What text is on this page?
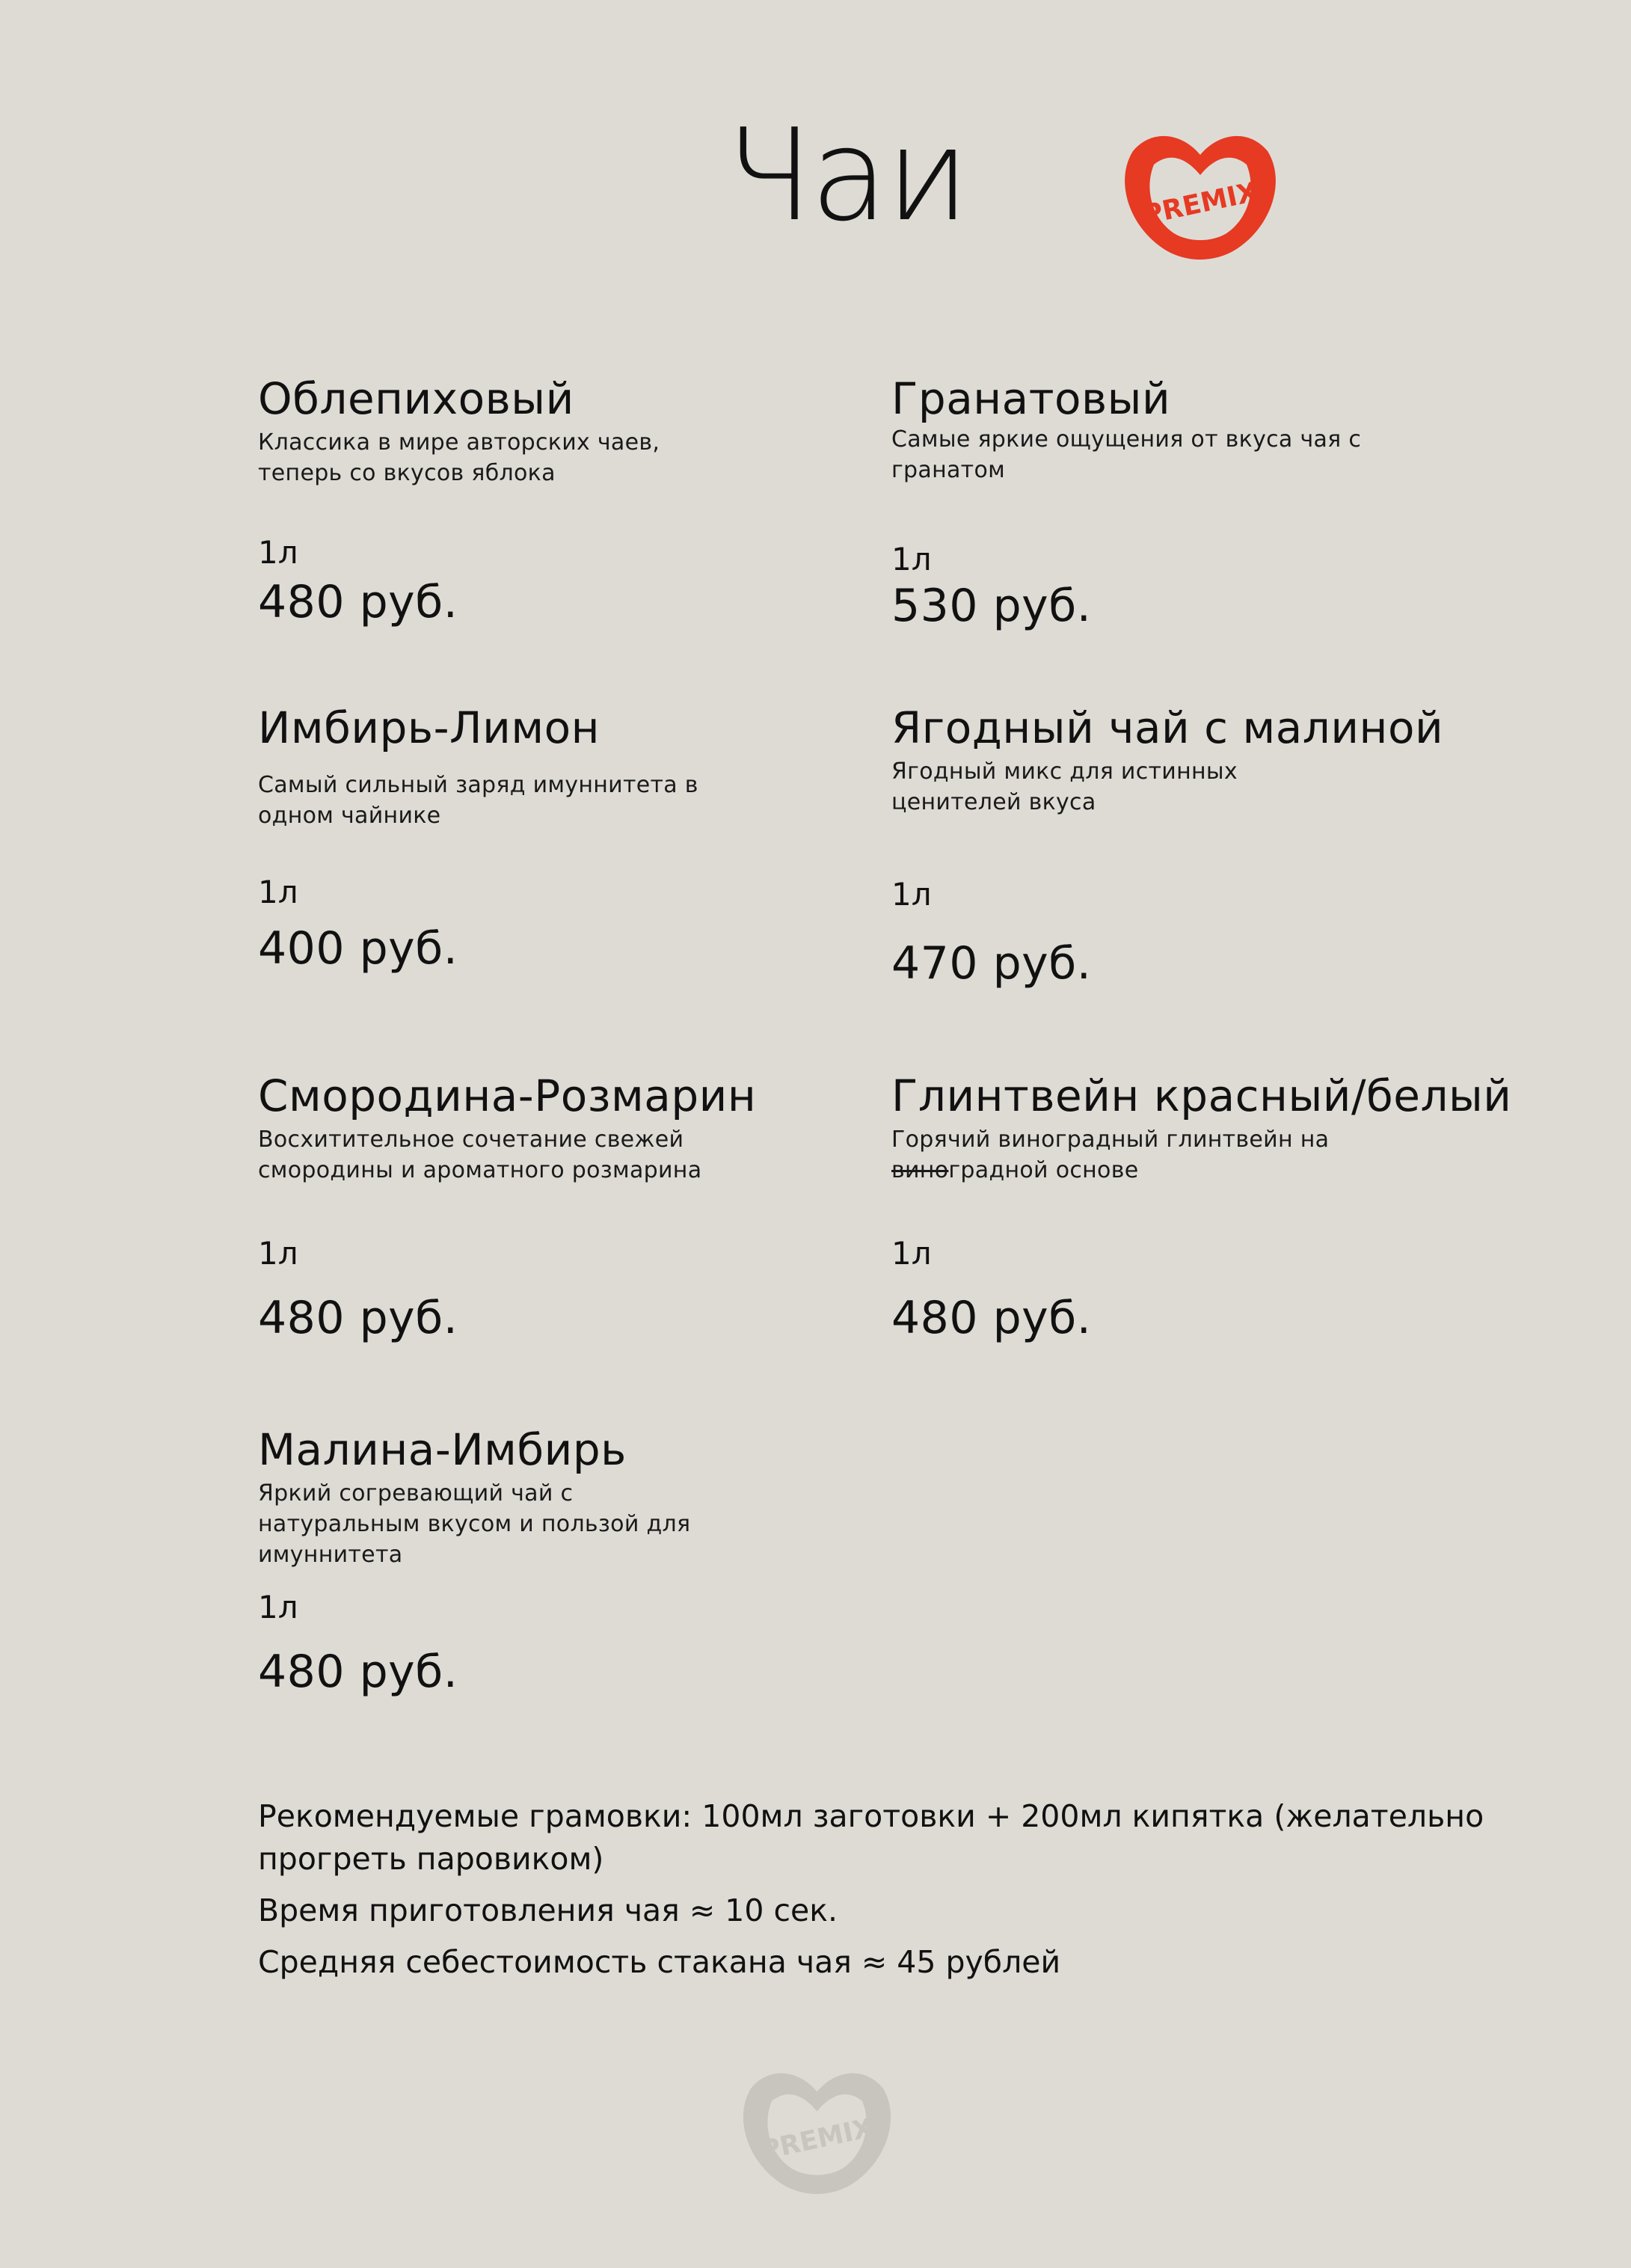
Чаи	PREMIX
Облепиховый
Классика в мире авторских чаев,
теперь со вкусов яблока
1л
480 руб.
Гранатовый
Самые яркие ощущения от вкуса чая с
гранатом
1л
530 руб.
Имбирь-Лимон
Самый сильный заряд имуннитета в
одном чайнике
1л
400 руб.
Ягодный чай с малиной
Ягодный микс для истинных
ценителей вкуса
1л
470 руб.
Смородина-Розмарин
Восхитительное сочетание свежей
смородины и ароматного розмарина
1л
480 руб.
Глинтвейн красный/белый
Горячий виноградный глинтвейн на
виноградной основе
1л
480 руб.
Малина-Имбирь
Яркий согревающий чай с
натуральным вкусом и пользой для
имуннитета
1л
480 руб.

Рекомендуемые грамовки: 100мл заготовки + 200мл кипятка (желательно прогреть паровиком)

Время приготовления чая ≈ 10 сек.

Средняя себестоимость стакана чая ≈ 45 рублей

PREMIX
